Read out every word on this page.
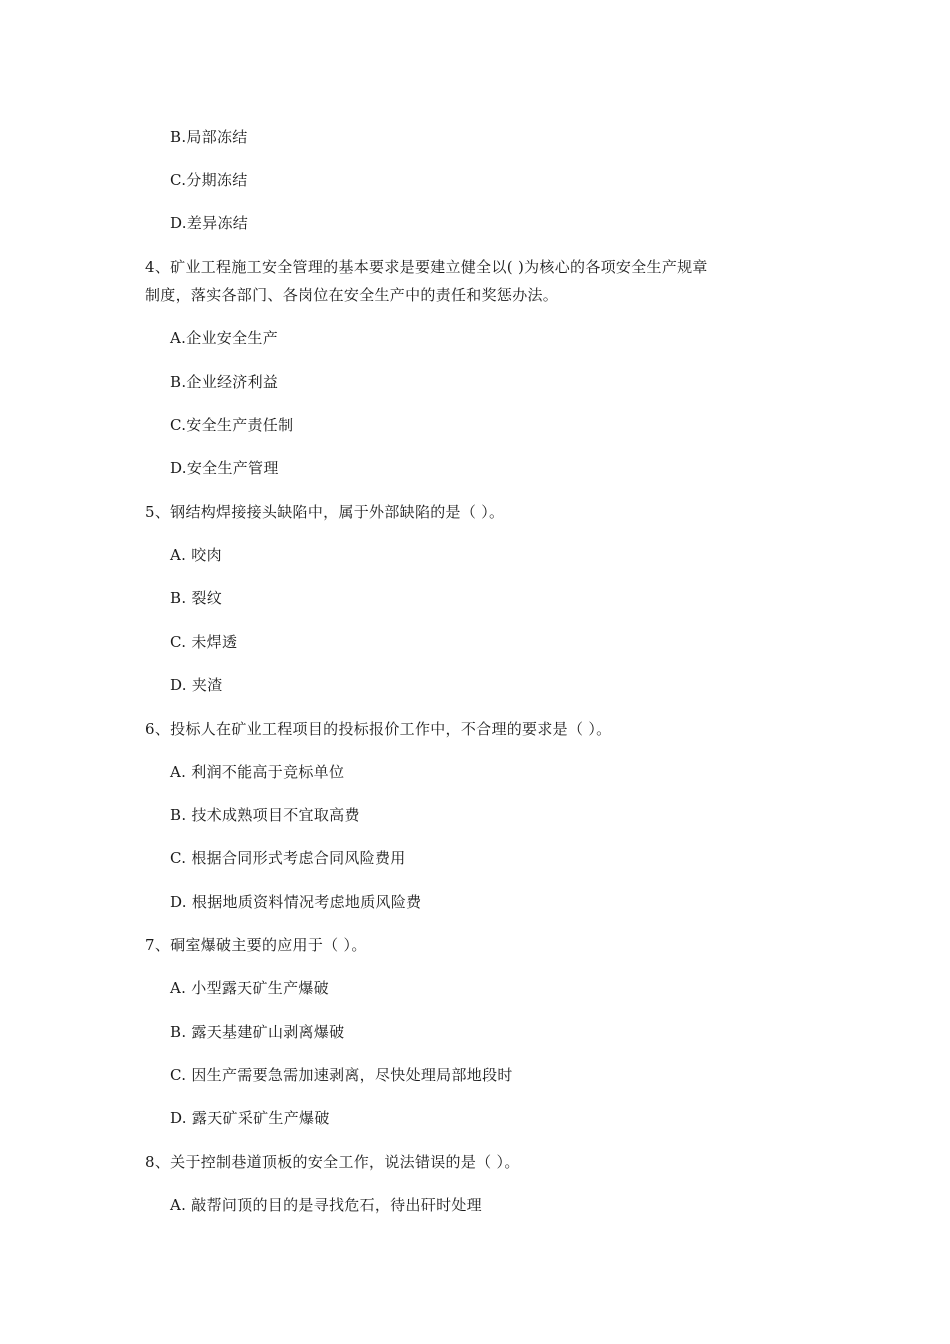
B.局部冻结
C.分期冻结
D.差异冻结
4、矿业工程施工安全管理的基本要求是要建立健全以( )为核心的各项安全生产规章
制度，落实各部门、各岗位在安全生产中的责任和奖惩办法。
A.企业安全生产
B.企业经济利益
C.安全生产责任制
D.安全生产管理
5、钢结构焊接接头缺陷中，属于外部缺陷的是（ ）。
A. 咬肉
B. 裂纹
C. 未焊透
D. 夹渣
6、投标人在矿业工程项目的投标报价工作中，不合理的要求是（ ）。
A. 利润不能高于竞标单位
B. 技术成熟项目不宜取高费
C. 根据合同形式考虑合同风险费用
D. 根据地质资料情况考虑地质风险费
7、硐室爆破主要的应用于（ ）。
A. 小型露天矿生产爆破
B. 露天基建矿山剥离爆破
C. 因生产需要急需加速剥离，尽快处理局部地段时
D. 露天矿采矿生产爆破
8、关于控制巷道顶板的安全工作，说法错误的是（ ）。
A. 敲帮问顶的目的是寻找危石，待出矸时处理
